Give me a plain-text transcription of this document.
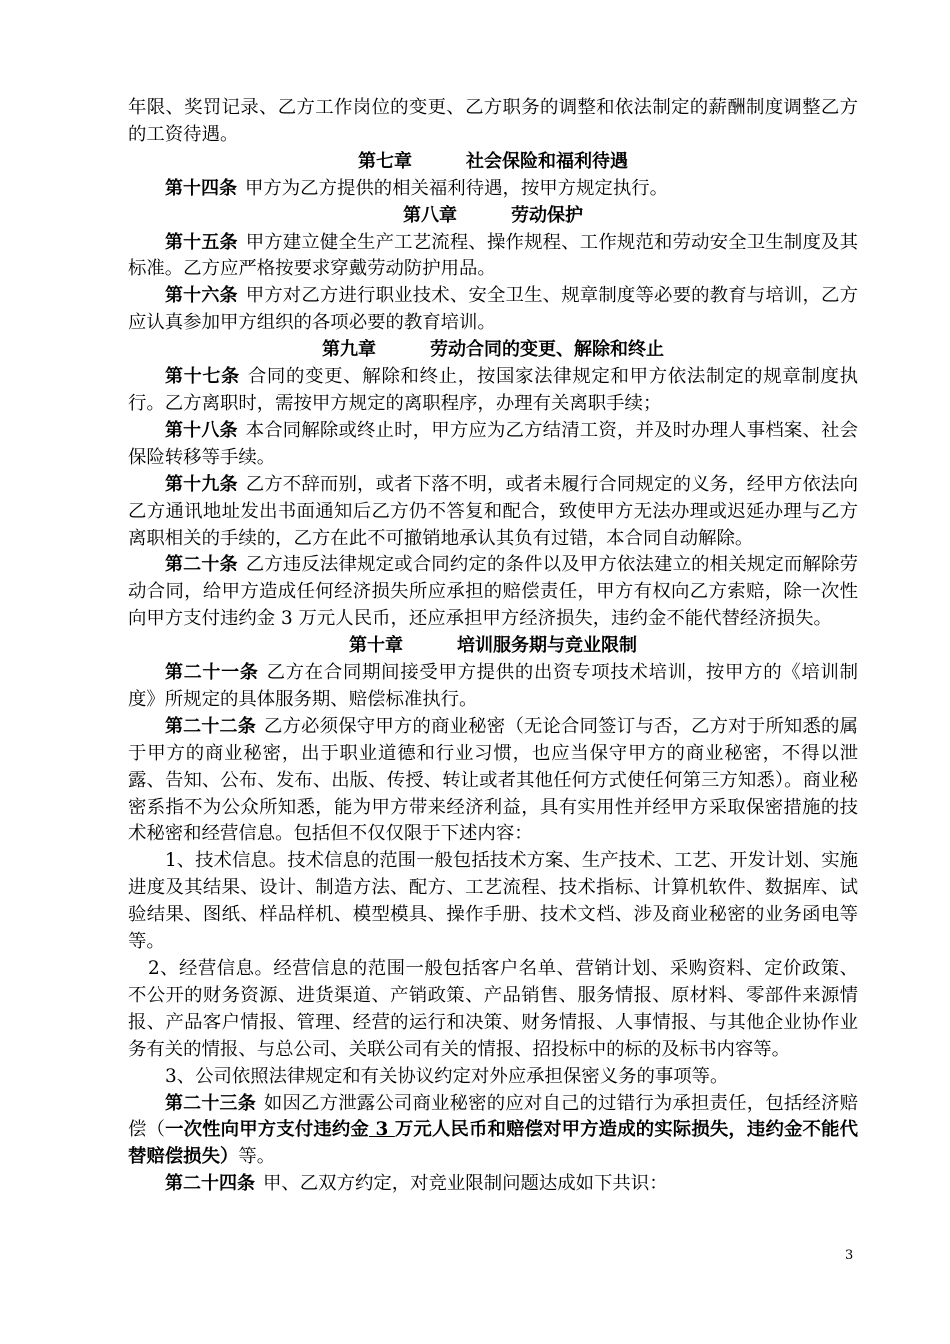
年限、奖罚记录、乙方工作岗位的变更、乙方职务的调整和依法制定的薪酬制度调整乙方的工资待遇。

第七章	社会保险和福利待遇

第十四条 甲方为乙方提供的相关福利待遇，按甲方规定执行。

第八章	劳动保护

第十五条 甲方建立健全生产工艺流程、操作规程、工作规范和劳动安全卫生制度及其标准。乙方应严格按要求穿戴劳动防护用品。

第十六条 甲方对乙方进行职业技术、安全卫生、规章制度等必要的教育与培训，乙方应认真参加甲方组织的各项必要的教育培训。

第九章	劳动合同的变更、解除和终止

第十七条 合同的变更、解除和终止，按国家法律规定和甲方依法制定的规章制度执行。乙方离职时，需按甲方规定的离职程序，办理有关离职手续；

第十八条 本合同解除或终止时，甲方应为乙方结清工资，并及时办理人事档案、社会保险转移等手续。

第十九条 乙方不辞而别，或者下落不明，或者未履行合同规定的义务，经甲方依法向乙方通讯地址发出书面通知后乙方仍不答复和配合，致使甲方无法办理或迟延办理与乙方离职相关的手续的，乙方在此不可撤销地承认其负有过错，本合同自动解除。

第二十条 乙方违反法律规定或合同约定的条件以及甲方依法建立的相关规定而解除劳动合同，给甲方造成任何经济损失所应承担的赔偿责任，甲方有权向乙方索赔，除一次性向甲方支付违约金 3 万元人民币，还应承担甲方经济损失，违约金不能代替经济损失。

第十章	培训服务期与竞业限制

第二十一条 乙方在合同期间接受甲方提供的出资专项技术培训，按甲方的《培训制度》所规定的具体服务期、赔偿标准执行。

第二十二条 乙方必须保守甲方的商业秘密（无论合同签订与否，乙方对于所知悉的属于甲方的商业秘密，出于职业道德和行业习惯，也应当保守甲方的商业秘密，不得以泄露、告知、公布、发布、出版、传授、转让或者其他任何方式使任何第三方知悉）。商业秘密系指不为公众所知悉，能为甲方带来经济利益，具有实用性并经甲方采取保密措施的技术秘密和经营信息。包括但不仅仅限于下述内容：

1、技术信息。技术信息的范围一般包括技术方案、生产技术、工艺、开发计划、实施进度及其结果、设计、制造方法、配方、工艺流程、技术指标、计算机软件、数据库、试验结果、图纸、样品样机、模型模具、操作手册、技术文档、涉及商业秘密的业务函电等等。

2、经营信息。经营信息的范围一般包括客户名单、营销计划、采购资料、定价政策、不公开的财务资源、进货渠道、产销政策、产品销售、服务情报、原材料、零部件来源情报、产品客户情报、管理、经营的运行和决策、财务情报、人事情报、与其他企业协作业务有关的情报、与总公司、关联公司有关的情报、招投标中的标的及标书内容等。

3、公司依照法律规定和有关协议约定对外应承担保密义务的事项等。

第二十三条 如因乙方泄露公司商业秘密的应对自己的过错行为承担责任，包括经济赔偿（一次性向甲方支付违约金 3 万元人民币和赔偿对甲方造成的实际损失，违约金不能代替赔偿损失）等。

第二十四条 甲、乙双方约定，对竞业限制问题达成如下共识：

3
